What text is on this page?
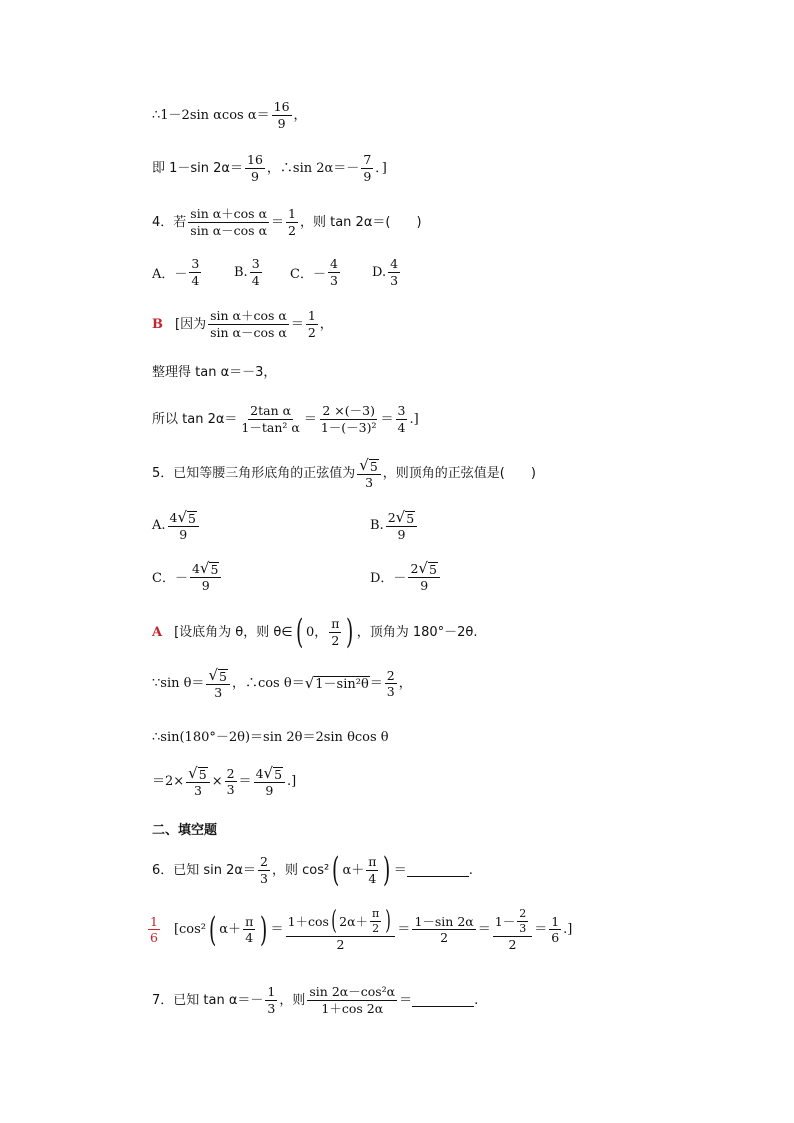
∴1－2sin αcos $\alpha= \frac{16}{9}$ ，
即 1－sin $2\alpha= \frac{16}{9}$ ，∴sin $2\alpha=- \frac{7}{9}$ ．]
4．若 $\frac{\text{sin α＋cos α}}{\text{sin α－cos α}} = \frac{1}{2}$ ，则 tan 2α＝(　　)
A．－ $\frac{3}{4}$	B. $\frac{3}{4}$ C．－ $\frac{4}{3} D$. $\frac{4}{3}$
B [因为 $\frac{\text{sin α＋cos α}}{\text{sin α－cos α}} = \frac{1}{2}$ ，
整理得 tan α＝－3，
所以 $\tan 2\alpha= \frac{\text{2tan α}}{\text{1－tan² α}} = \frac{2 \times(-3)}{\text{1－(－3)²}} = \frac{3}{4}$ .]
5．已知等腰三角形底角的正弦值为 $\frac{√ 5}{3}$ ，则顶角的正弦值是(　　)
A. $\frac{4 √ 5}{9}$	B. $\frac{2 √ 5}{9}$
C．－ $\frac{4 √ 5}{9}$	D．－ $\frac{2 √ 5}{9}$
A [设底角为 θ，则 θ∈ ( 0， $\frac{\pi}{2}$ ) ，顶角为 180°－2θ.
∵sin $\theta= \frac{√ 5}{3}$ ，∴cos θ＝ √ $1-\sin^2\theta = \frac{2}{3}$ ，
∴sin(180°－2θ)＝sin 2θ＝2sin θcos θ
$=2\times \frac{√ 5}{3} \times \frac{2}{3} = \frac{4 √ 5}{9}$ .]
二、填空题
6．已知 $\sin 2\alpha= \frac{2}{3}$ ，则 cos² ( $\alpha+ \frac{\pi}{4}$ ) ＝	.
$\frac{1}{6} [\cos^2$ ( $\alpha+ \frac{\pi}{4}$ ) ＝ $\frac{1+\cos ( 2\alpha+ \frac{\pi}{2} )}{2} = \frac{1-\sin 2\alpha}{2} = \frac{1- \frac{2}{3}}{2} = \frac{1}{6}$ .]
7．已知 $\tan \alpha=- \frac{1}{3}$ ，则 $\frac{\text{sin 2α－cos²α}}{1+\cos 2\alpha}$ ＝	.
